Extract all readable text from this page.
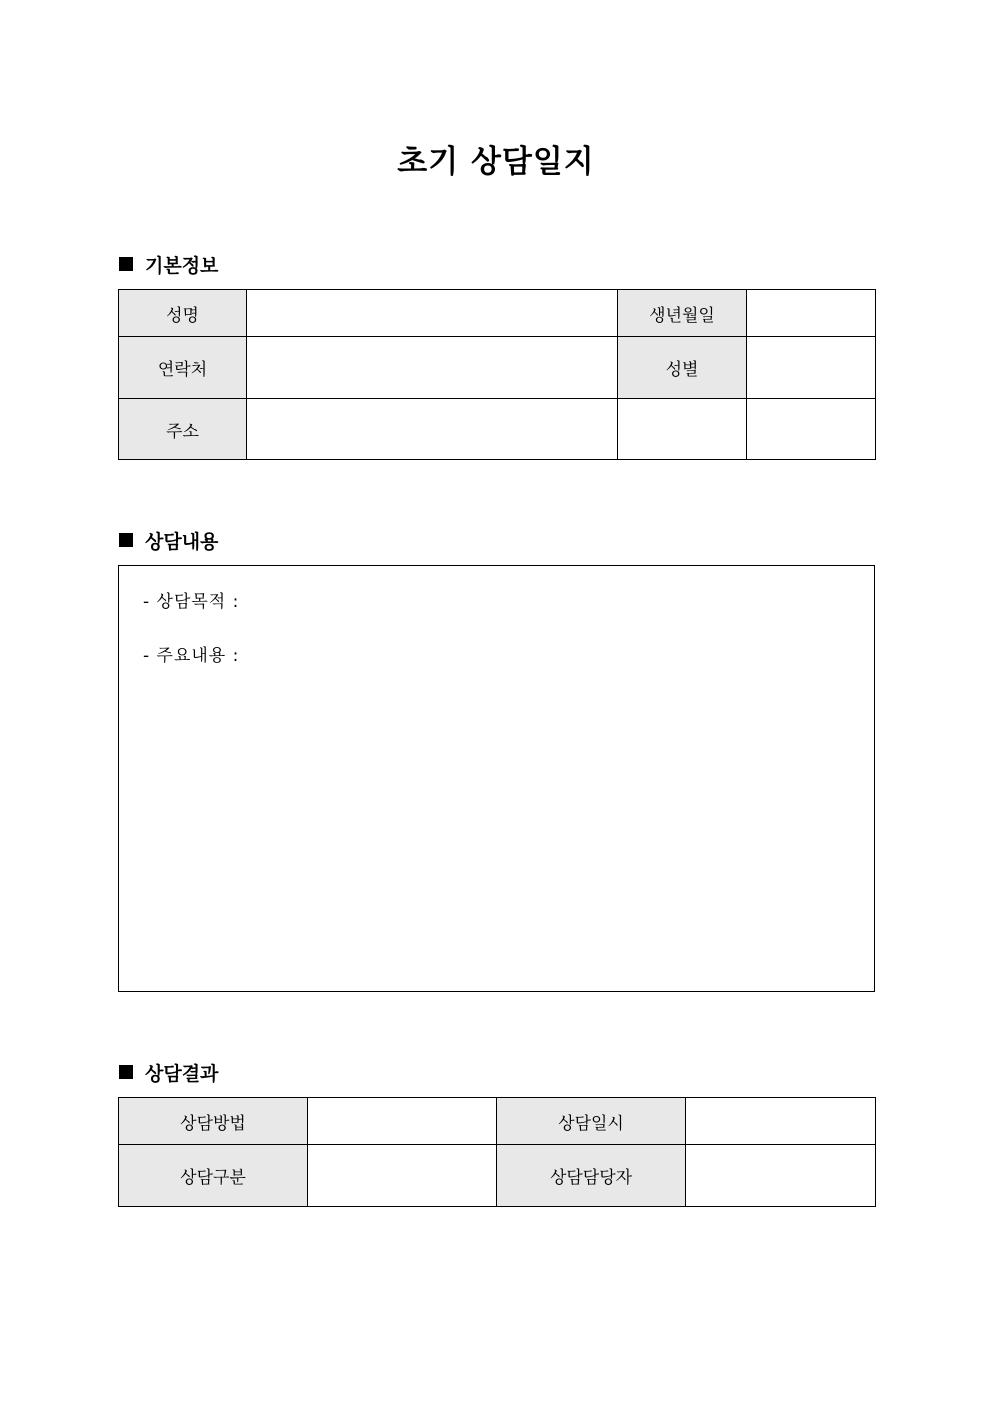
초기 상담일지
기본정보
성명		생년월일	
연락처		성별	
주소			
상담내용
- 상담목적 :
- 주요내용 :
상담결과
상담방법		상담일시	
상담구분		상담담당자	
